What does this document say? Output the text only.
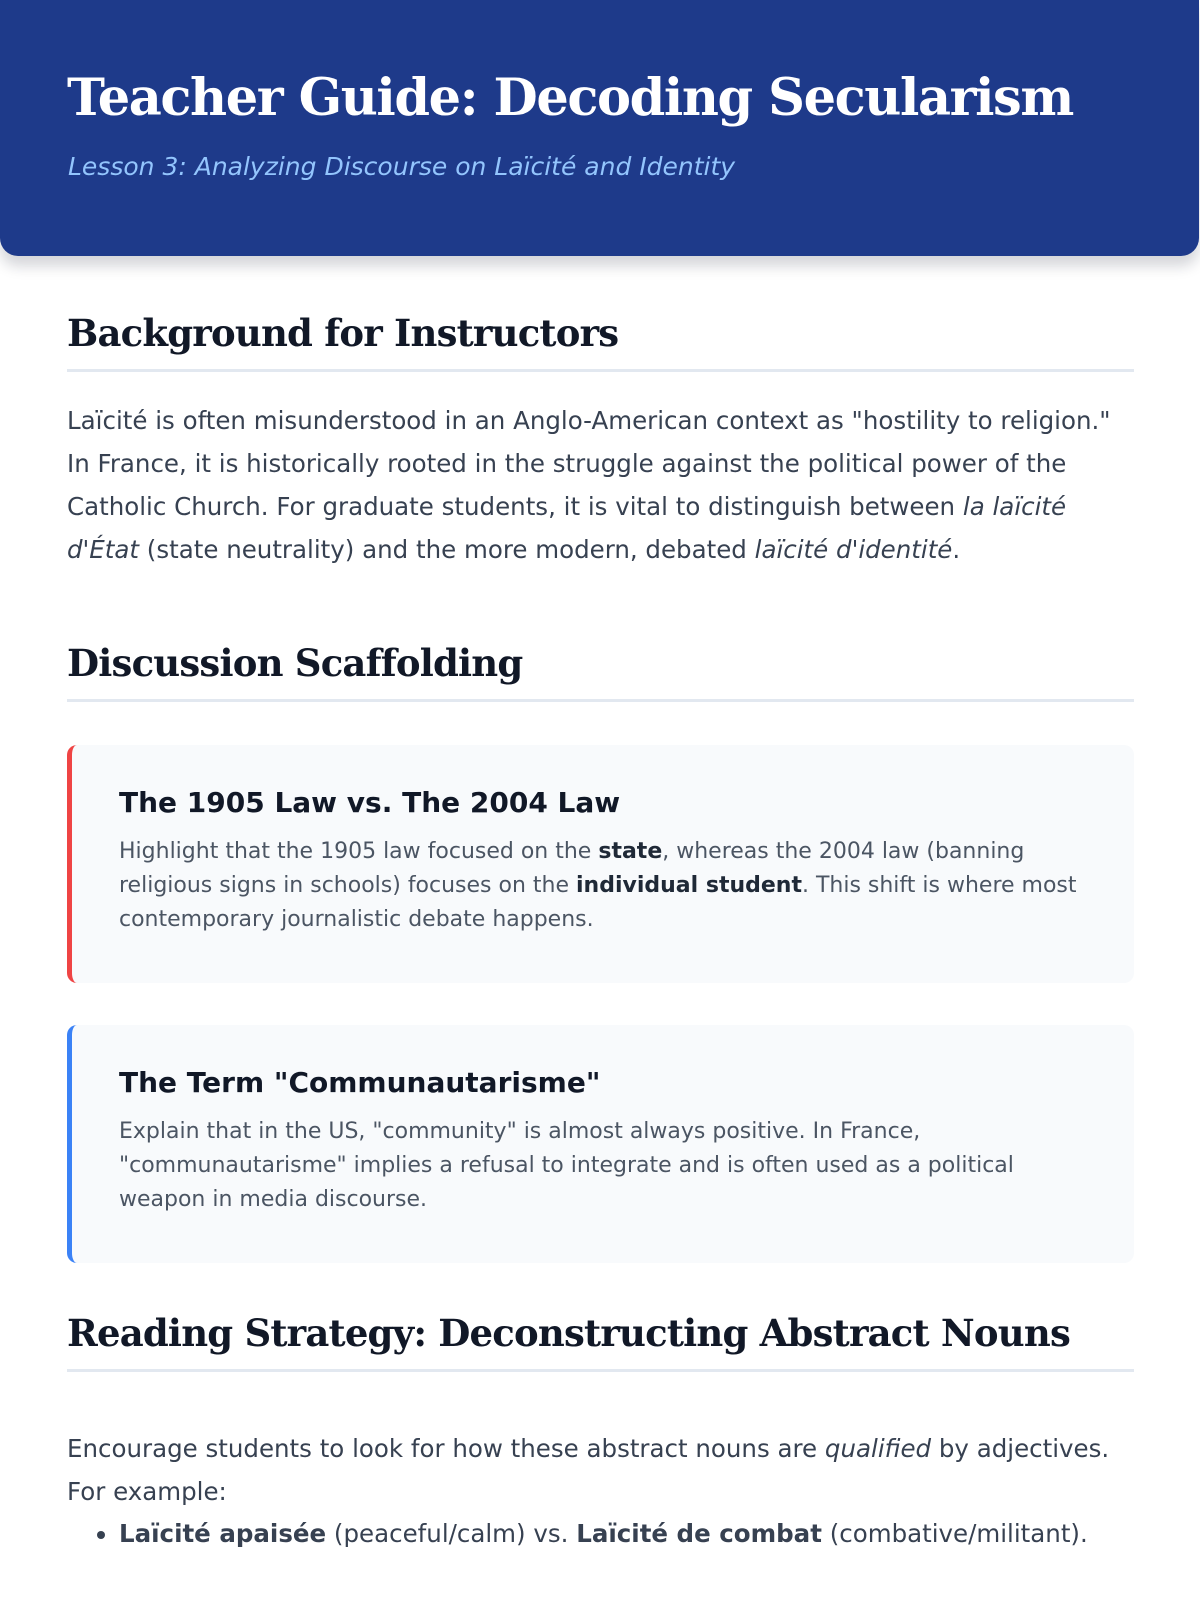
Teacher Guide: Decoding Secularism

Lesson 3: Analyzing Discourse on Laïcité and Identity

Background for Instructors

Laïcité is often misunderstood in an Anglo-American context as "hostility to religion." In France, it is historically rooted in the struggle against the political power of the Catholic Church. For graduate students, it is vital to distinguish between la laïcité d'État (state neutrality) and the more modern, debated laïcité d'identité.

Discussion Scaffolding
The 1905 Law vs. The 2004 Law

Highlight that the 1905 law focused on the state, whereas the 2004 law (banning religious signs in schools) focuses on the individual student. This shift is where most contemporary journalistic debate happens.

The Term "Communautarisme"

Explain that in the US, "community" is almost always positive. In France, "communautarisme" implies a refusal to integrate and is often used as a political weapon in media discourse.

Reading Strategy: Deconstructing Abstract Nouns

Encourage students to look for how these abstract nouns are qualified by adjectives. For example:

• Laïcité apaisée (peaceful/calm) vs. Laïcité de combat (combative/militant).
